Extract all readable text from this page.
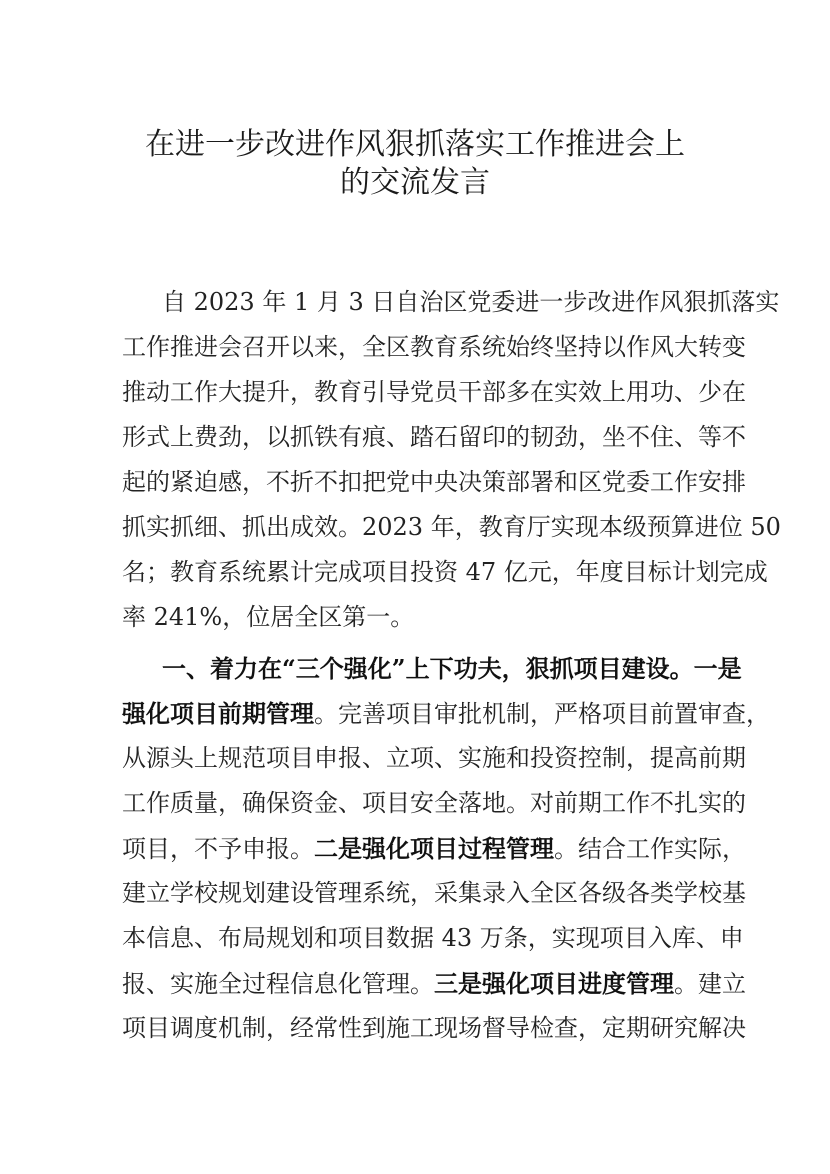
在进一步改进作风狠抓落实工作推进会上
的交流发言
自 2023 年 1 月 3 日自治区党委进一步改进作风狠抓落实
工作推进会召开以来，全区教育系统始终坚持以作风大转变
推动工作大提升，教育引导党员干部多在实效上用功、少在
形式上费劲，以抓铁有痕、踏石留印的韧劲，坐不住、等不
起的紧迫感，不折不扣把党中央决策部署和区党委工作安排
抓实抓细、抓出成效。2023 年，教育厅实现本级预算进位 50
名；教育系统累计完成项目投资 47 亿元，年度目标计划完成
率 241%，位居全区第一。
一、着力在“三个强化”上下功夫，狠抓项目建设。一是
强化项目前期管理。完善项目审批机制，严格项目前置审查，
从源头上规范项目申报、立项、实施和投资控制，提高前期
工作质量，确保资金、项目安全落地。对前期工作不扎实的
项目，不予申报。二是强化项目过程管理。结合工作实际，
建立学校规划建设管理系统，采集录入全区各级各类学校基
本信息、布局规划和项目数据 43 万条，实现项目入库、申
报、实施全过程信息化管理。三是强化项目进度管理。建立
项目调度机制，经常性到施工现场督导检查，定期研究解决
